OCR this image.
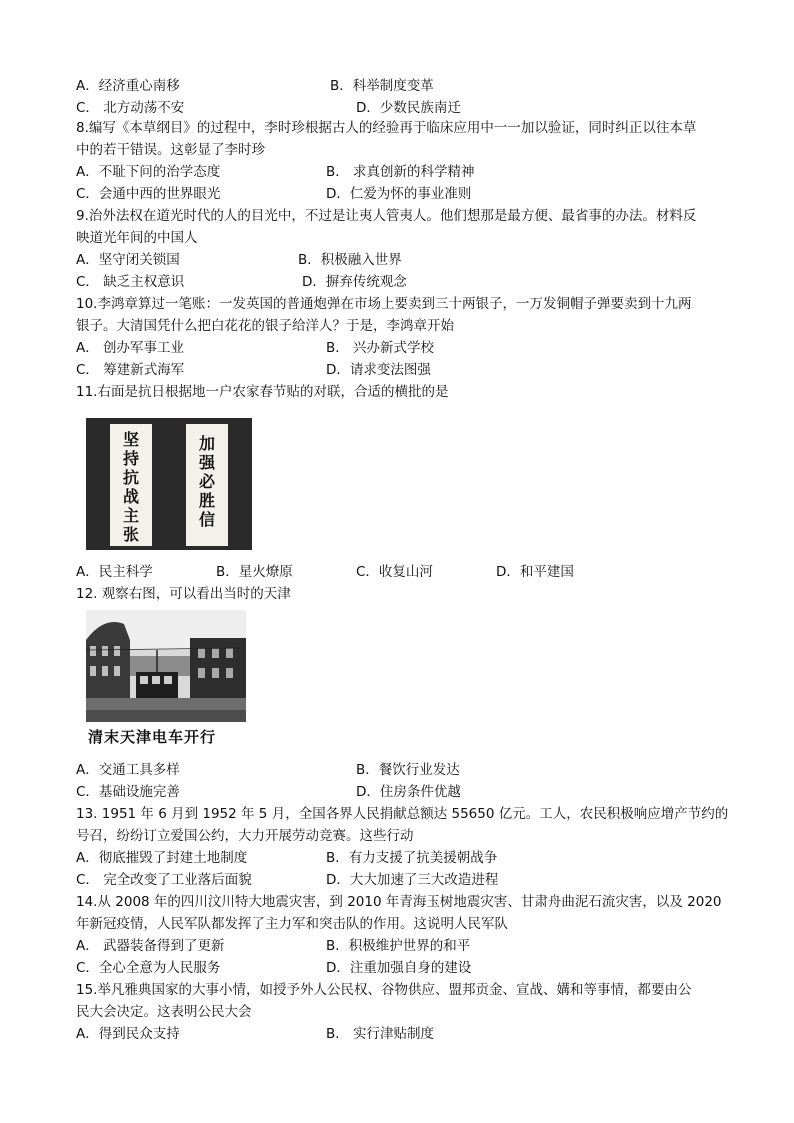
A．经济重心南移	B．科举制度变革
C． 北方动荡不安	D．少数民族南迁
8.编写《本草纲目》的过程中，李时珍根据古人的经验再于临床应用中一一加以验证，同时纠正以往本草
中的若干错误。这彰显了李时珍
A．不耻下问的治学态度	B． 求真创新的科学精神
C．会通中西的世界眼光	D．仁爱为怀的事业准则
9.治外法权在道光时代的人的目光中，不过是让夷人管夷人。他们想那是最方便、最省事的办法。材料反
映道光年间的中国人
A．坚守闭关锁国	B．积极融入世界
C． 缺乏主权意识	D．摒弃传统观念
10.李鸿章算过一笔账：一发英国的普通炮弹在市场上要卖到三十两银子，一万发铜帽子弹要卖到十九两
银子。大清国凭什么把白花花的银子给洋人？于是，李鸿章开始
A． 创办军事工业	B． 兴办新式学校
C． 筹建新式海军	D．请求变法图强
11.右面是抗日根据地一户农家春节贴的对联，合适的横批的是
坚
持
抗
战
主
张
加
强
必
胜
信
A．民主科学	B．星火燎原	C．收复山河	D．和平建国
12. 观察右图，可以看出当时的天津
清末天津电车开行
A．交通工具多样	B．餐饮行业发达
C．基础设施完善	D．住房条件优越
13. 1951 年 6 月到 1952 年 5 月，全国各界人民捐献总额达 55650 亿元。工人，农民积极响应增产节约的
号召，纷纷订立爱国公约，大力开展劳动竞赛。这些行动
A．彻底摧毁了封建土地制度	B．有力支援了抗美援朝战争
C． 完全改变了工业落后面貌	D．大大加速了三大改造进程
14.从 2008 年的四川汶川特大地震灾害，到 2010 年青海玉树地震灾害、甘肃舟曲泥石流灾害，以及 2020
年新冠疫情，人民军队都发挥了主力军和突击队的作用。这说明人民军队
A． 武器装备得到了更新	B．积极维护世界的和平
C．全心全意为人民服务	D．注重加强自身的建设
15.举凡雅典国家的大事小情，如授予外人公民权、谷物供应、盟邦贡金、宣战、媾和等事情，都要由公
民大会决定。这表明公民大会
A．得到民众支持	B． 实行津贴制度
